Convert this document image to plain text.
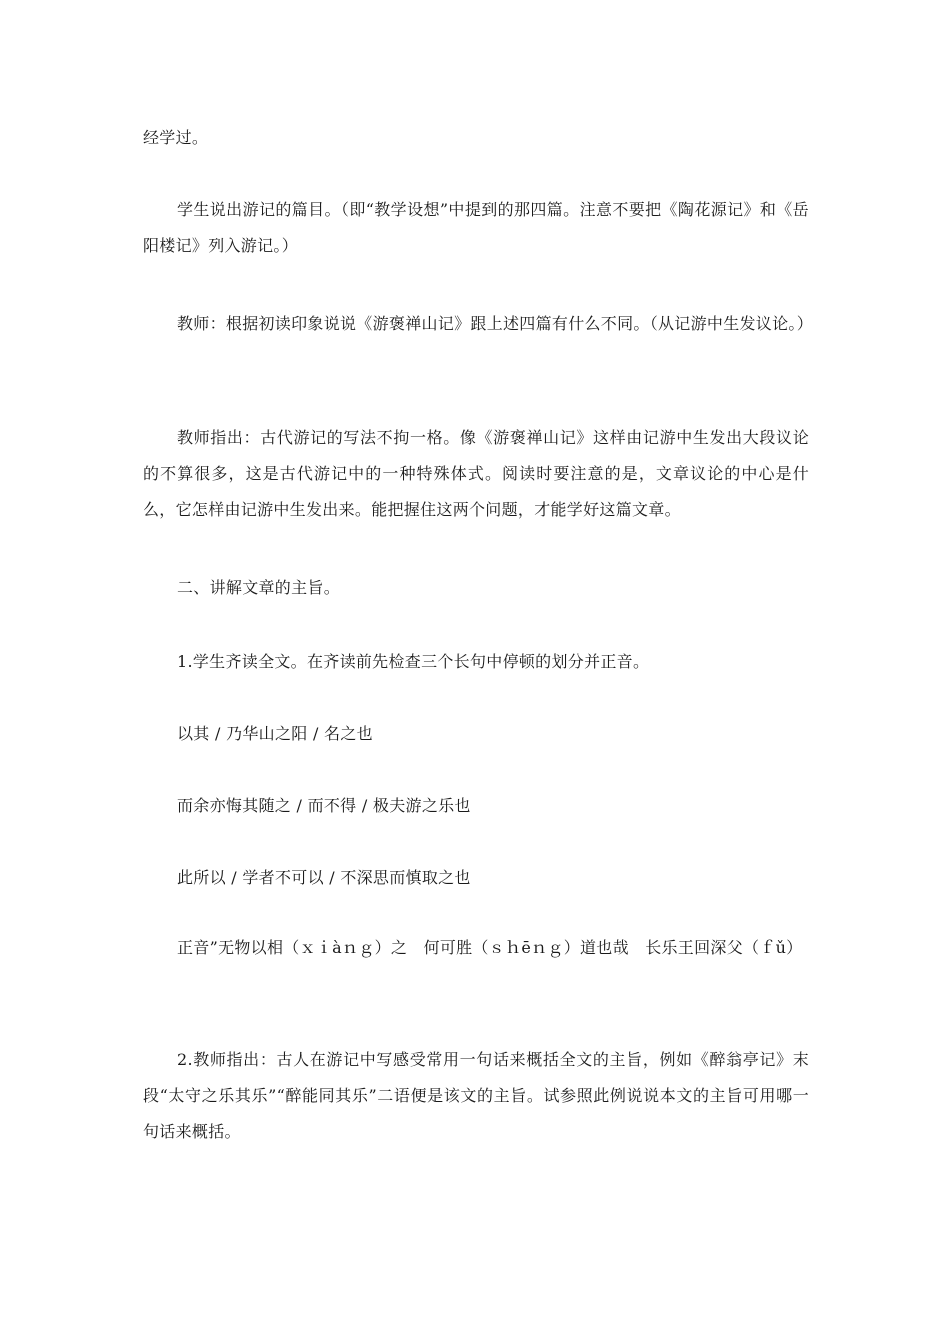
经学过。

学生说出游记的篇目。（即“教学设想”中提到的那四篇。注意不要把《陶花源记》和《岳阳楼记》列入游记。）

教师：根据初读印象说说《游褒禅山记》跟上述四篇有什么不同。（从记游中生发议论。）

教师指出：古代游记的写法不拘一格。像《游褒禅山记》这样由记游中生发出大段议论的不算很多，这是古代游记中的一种特殊体式。阅读时要注意的是，文章议论的中心是什么，它怎样由记游中生发出来。能把握住这两个问题，才能学好这篇文章。

二、讲解文章的主旨。

1.学生齐读全文。在齐读前先检查三个长句中停顿的划分并正音。

以其 / 乃华山之阳 / 名之也

而余亦悔其随之 / 而不得 / 极夫游之乐也

此所以 / 学者不可以 / 不深思而慎取之也

正音”无物以相（ｘｉàｎｇ）之　何可胜（ｓｈēｎｇ）道也哉　长乐王回深父（ｆǔ）

2.教师指出：古人在游记中写感受常用一句话来概括全文的主旨，例如《醉翁亭记》末段“太守之乐其乐”“醉能同其乐”二语便是该文的主旨。试参照此例说说本文的主旨可用哪一句话来概括。
